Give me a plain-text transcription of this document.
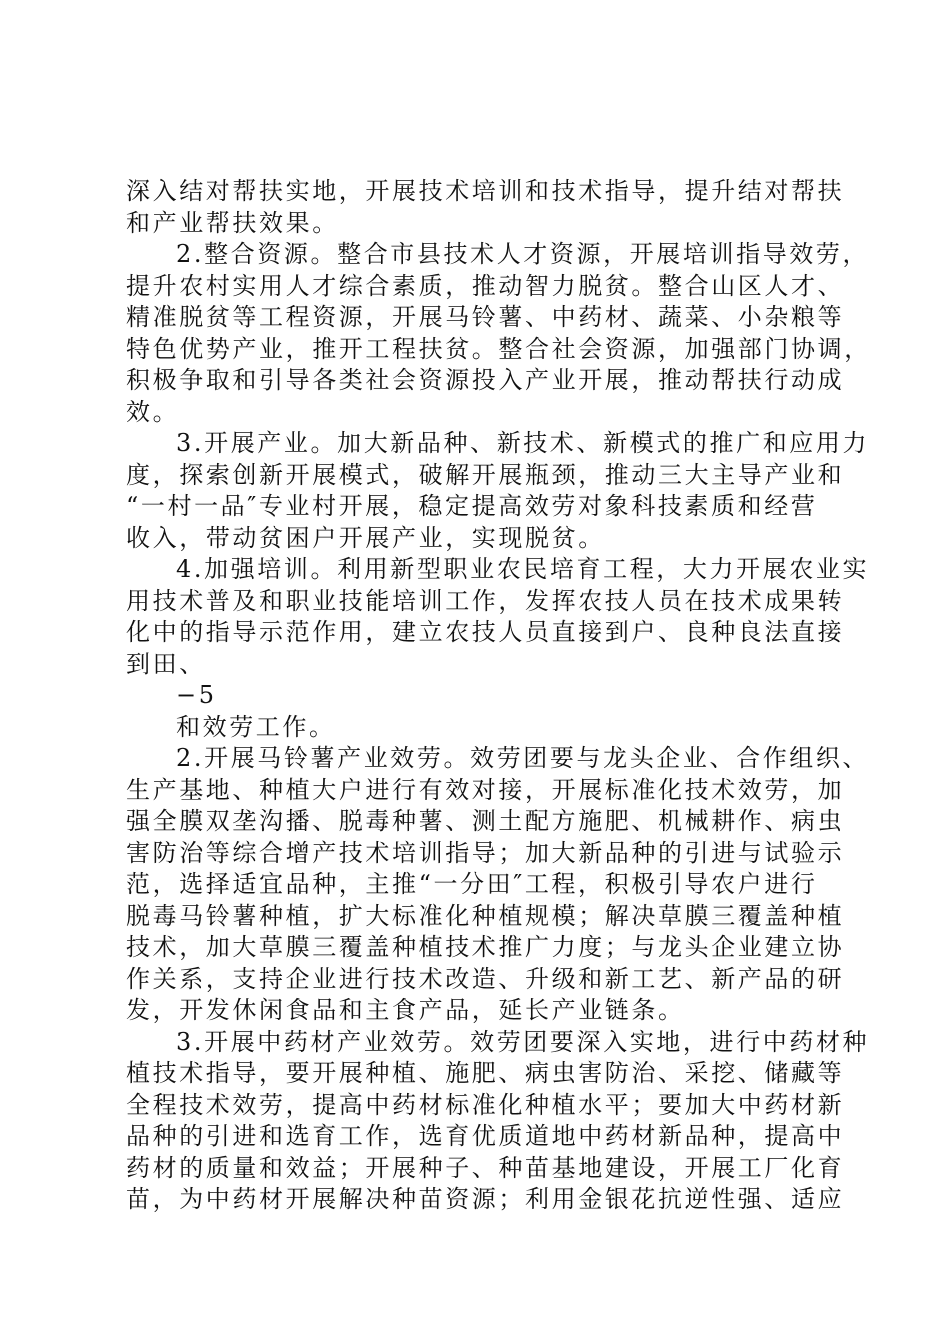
深入结对帮扶实地，开展技术培训和技术指导，提升结对帮扶
和产业帮扶效果。
2.整合资源。整合市县技术人才资源，开展培训指导效劳，
提升农村实用人才综合素质，推动智力脱贫。整合山区人才、
精准脱贫等工程资源，开展马铃薯、中药材、蔬菜、小杂粮等
特色优势产业，推开工程扶贫。整合社会资源，加强部门协调，
积极争取和引导各类社会资源投入产业开展，推动帮扶行动成
效。
3.开展产业。加大新品种、新技术、新模式的推广和应用力
度，探索创新开展模式，破解开展瓶颈，推动三大主导产业和
“一村一品″专业村开展，稳定提高效劳对象科技素质和经营
收入，带动贫困户开展产业，实现脱贫。
4.加强培训。利用新型职业农民培育工程，大力开展农业实
用技术普及和职业技能培训工作，发挥农技人员在技术成果转
化中的指导示范作用，建立农技人员直接到户、良种良法直接
到田、
−5
和效劳工作。
2.开展马铃薯产业效劳。效劳团要与龙头企业、合作组织、
生产基地、种植大户进行有效对接，开展标准化技术效劳，加
强全膜双垄沟播、脱毒种薯、测土配方施肥、机械耕作、病虫
害防治等综合增产技术培训指导；加大新品种的引进与试验示
范，选择适宜品种，主推“一分田″工程，积极引导农户进行
脱毒马铃薯种植，扩大标准化种植规模；解决草膜三覆盖种植
技术，加大草膜三覆盖种植技术推广力度；与龙头企业建立协
作关系，支持企业进行技术改造、升级和新工艺、新产品的研
发，开发休闲食品和主食产品，延长产业链条。
3.开展中药材产业效劳。效劳团要深入实地，进行中药材种
植技术指导，要开展种植、施肥、病虫害防治、采挖、储藏等
全程技术效劳，提高中药材标准化种植水平；要加大中药材新
品种的引进和选育工作，选育优质道地中药材新品种，提高中
药材的质量和效益；开展种子、种苗基地建设，开展工厂化育
苗，为中药材开展解决种苗资源；利用金银花抗逆性强、适应
